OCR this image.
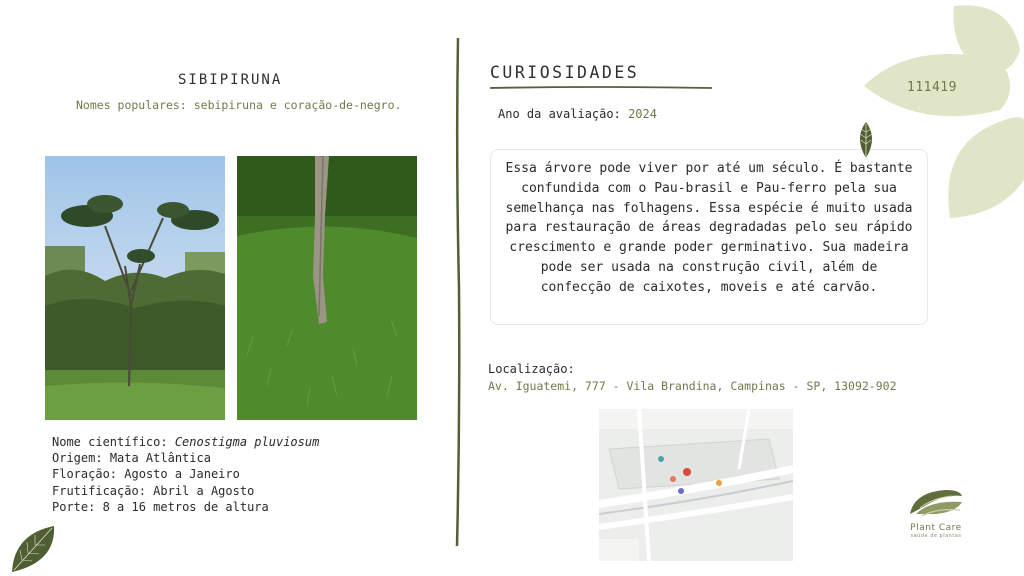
SIBIPIRUNA
Nomes populares: sebipiruna e coração-de-negro.
Nome científico: Cenostigma pluviosum
Origem: Mata Atlântica
Floração: Agosto a Janeiro
Frutificação: Abril a Agosto
Porte: 8 a 16 metros de altura
CURIOSIDADES
Ano da avaliação: 2024
Essa árvore pode viver por até um século. É bastante confundida com o Pau-brasil e Pau-ferro pela sua semelhança nas folhagens. Essa espécie é muito usada para restauração de áreas degradadas pelo seu rápido crescimento e grande poder germinativo. Sua madeira pode ser usada na construção civil, além de confecção de caixotes, moveis e até carvão.
Localização:
Av. Iguatemi, 777 - Vila Brandina, Campinas - SP, 13092-902
111419
Plant Care
saúde de plantas
